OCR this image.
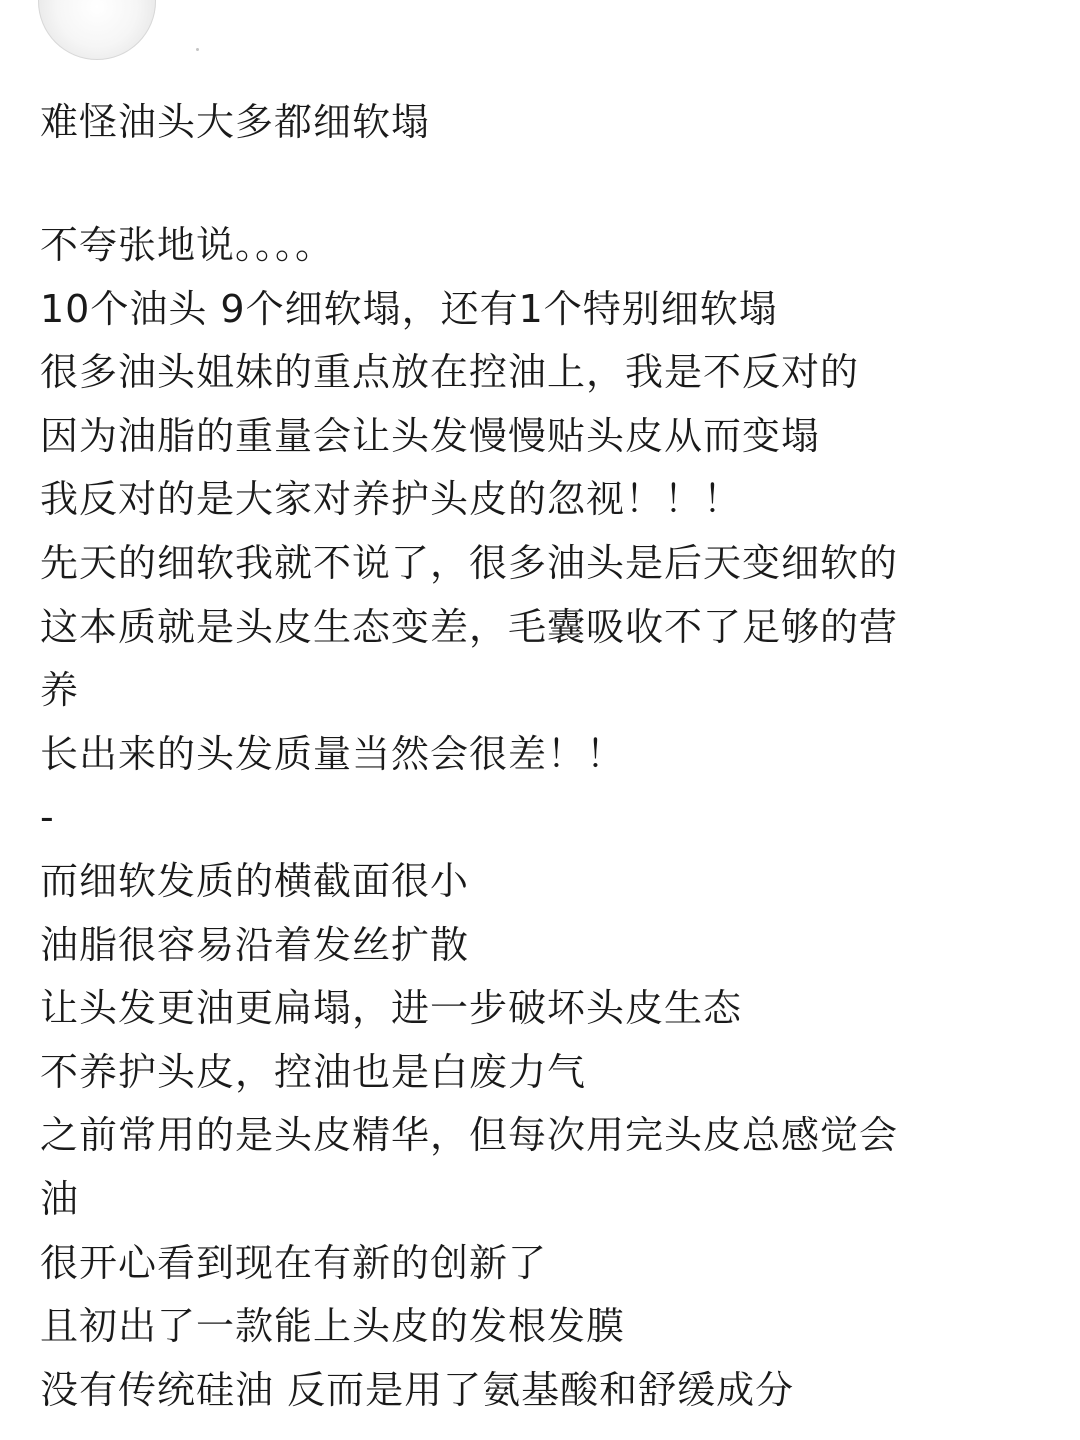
难怪油头大多都细软塌
不夸张地说。。。。
10个油头 9个细软塌，还有1个特别细软塌
很多油头姐妹的重点放在控油上，我是不反对的
因为油脂的重量会让头发慢慢贴头皮从而变塌
我反对的是大家对养护头皮的忽视！！！
先天的细软我就不说了，很多油头是后天变细软的
这本质就是头皮生态变差，毛囊吸收不了足够的营
养
长出来的头发质量当然会很差！！
-
而细软发质的横截面很小
油脂很容易沿着发丝扩散
让头发更油更扁塌，进一步破坏头皮生态
不养护头皮，控油也是白废力气
之前常用的是头皮精华，但每次用完头皮总感觉会
油
很开心看到现在有新的创新了
且初出了一款能上头皮的发根发膜
没有传统硅油 反而是用了氨基酸和舒缓成分
